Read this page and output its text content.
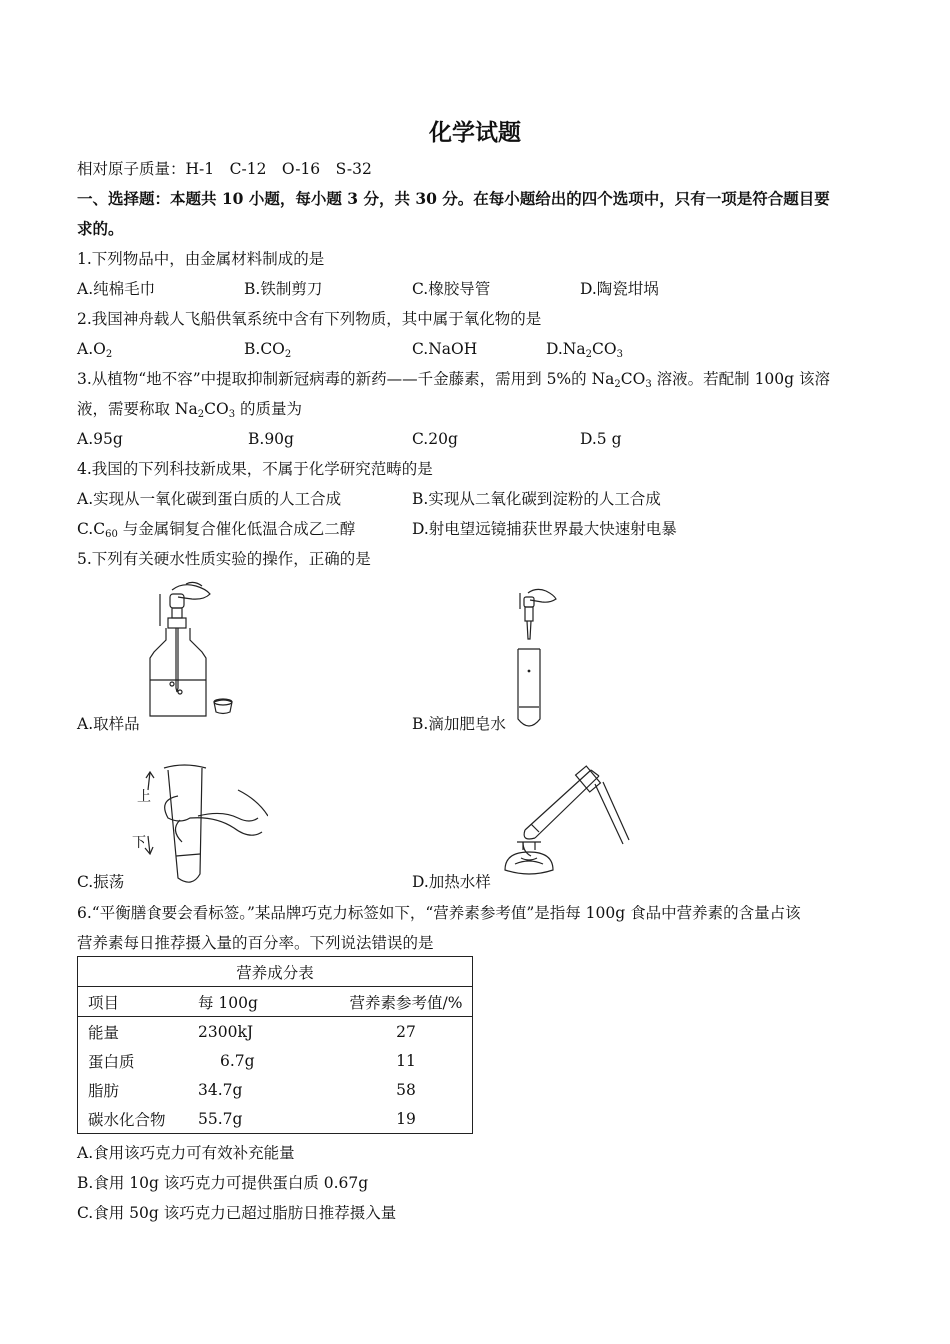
化学试题
相对原子质量：H-1　C-12　O-16　S-32
一、选择题：本题共 10 小题，每小题 3 分，共 30 分。在每小题给出的四个选项中，只有一项是符合题目要
求的。
1.下列物品中，由金属材料制成的是
A.纯棉毛巾	B.铁制剪刀	C.橡胶导管	D.陶瓷坩埚
2.我国神舟载人飞船供氧系统中含有下列物质，其中属于氧化物的是
$A.O_2$	$B.CO_2$	C.NaOH	$D.Na_2CO_3$
3.从植物“地不容”中提取抑制新冠病毒的新药——千金藤素，需用到 5%的 $Na_2CO_3$ 溶液。若配制 100g 该溶
液，需要称取 $Na_2CO_3$ 的质量为
A.95g	B.90g	C.20g	D.5 g
4.我国的下列科技新成果，不属于化学研究范畴的是
A.实现从一氧化碳到蛋白质的人工合成	B.实现从二氧化碳到淀粉的人工合成
$C.C_{60}$ 与金属铜复合催化低温合成乙二醇	D.射电望远镜捕获世界最大快速射电暴
5.下列有关硬水性质实验的操作，正确的是
A.取样品	B.滴加肥皂水
上
下
C.振荡	D.加热水样
6.“平衡膳食要会看标签。”某品牌巧克力标签如下，“营养素参考值”是指每 100g 食品中营养素的含量占该
营养素每日推荐摄入量的百分率。下列说法错误的是
营养成分表		
项目	每 100g	营养素参考值/%
能量	2300kJ	27
蛋白质	6.7g	11
脂肪	34.7g	58
碳水化合物	55.7g	19
A.食用该巧克力可有效补充能量
B.食用 10g 该巧克力可提供蛋白质 0.67g
C.食用 50g 该巧克力已超过脂肪日推荐摄入量
